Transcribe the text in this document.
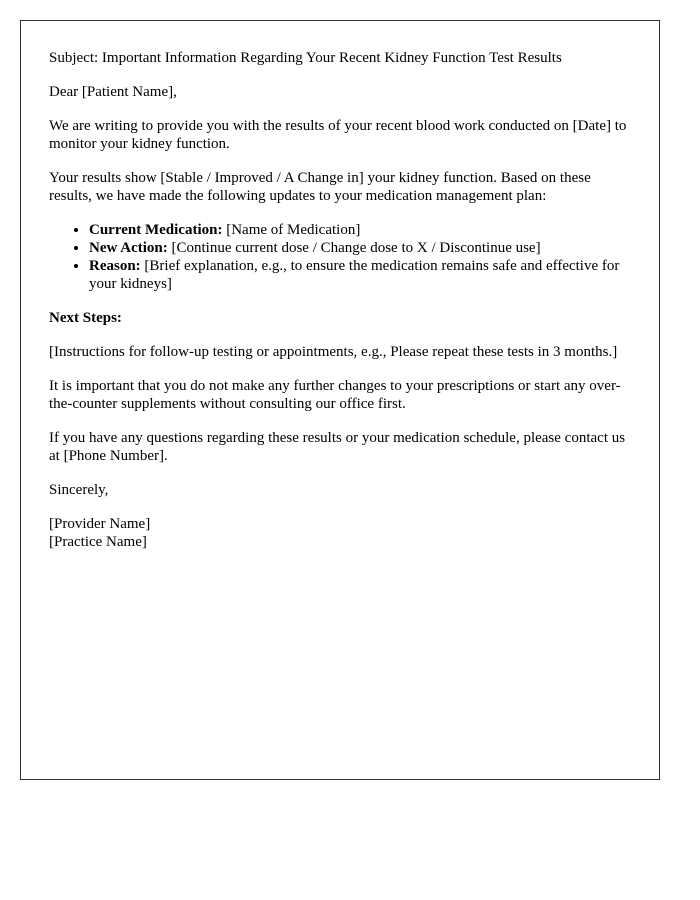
Subject: Important Information Regarding Your Recent Kidney Function Test Results

Dear [Patient Name],

We are writing to provide you with the results of your recent blood work conducted on [Date] to monitor your kidney function.

Your results show [Stable / Improved / A Change in] your kidney function. Based on these results, we have made the following updates to your medication management plan:

• Current Medication: [Name of Medication]
• New Action: [Continue current dose / Change dose to X / Discontinue use]
• Reason: [Brief explanation, e.g., to ensure the medication remains safe and effective for your kidneys]

Next Steps:

[Instructions for follow-up testing or appointments, e.g., Please repeat these tests in 3 months.]

It is important that you do not make any further changes to your prescriptions or start any over-the-counter supplements without consulting our office first.

If you have any questions regarding these results or your medication schedule, please contact us at [Phone Number].

Sincerely,

[Provider Name]

[Practice Name]
